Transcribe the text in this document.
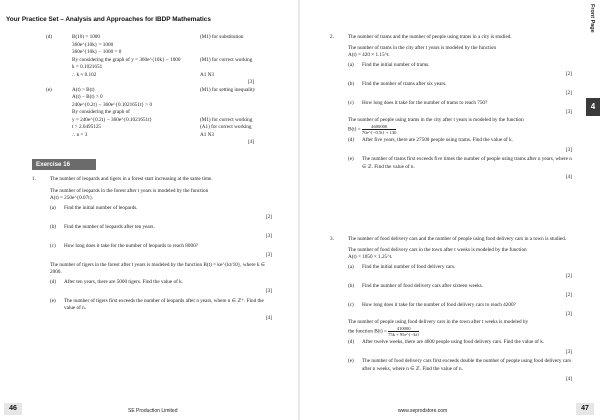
Your Practice Set – Analysis and Approaches for IBDP Mathematics
(d)	B(10) = 1000	(M1) for substitution
360e^{10k} = 1000
360e^{10k} − 1000 = 0
By considering the graph of y = 360e^{10k} − 1000	(M1) for correct working
k = 0.1021651
∴ k ≈ 0.102	A1 N3
[3]
(e)	A(t) > B(t)	(M1) for setting inequality
A(t) − B(t) > 0
240e^{0.2t} − 360e^{0.1021651t} > 0
By considering the graph of
y = 240e^{0.2t} − 360e^{0.1021651t}	(M1) for correct working
t > 2.0495125	(A1) for correct working
∴ n = 3	A1 N3
[4]
Exercise 16
1.	The number of leopards and tigers in a forest start increasing at the same time.
The number of leopards in the forest after t years is modeled by the function
A(t) = 250e^{0.07t}.
(a)	Find the initial number of leopards.
[2]
(b)	Find the number of leopards after ten years.
[3]
(c)	How long does it take for the number of leopards to reach 8000?
[3]
The number of tigers in the forest after t years is modeled by the function B(t) = ke^{kt/10}, where k ∈ 2000.
(d)	After ten years, there are 5000 tigers. Find the value of k.
[3]
(e)	The number of tigers first exceeds the number of leopards after n years, where n ∈ ℤ⁺. Find the value of n.
[4]
46	SE Production Limited
Front Page
4
2.	The number of trams and the number of people using trams in a city is studied.
The number of trams in the city after t years is modeled by the function
A(t) = 420 × 1.15^t.
(a)	Find the initial number of trams.
[2]
(b)	Find the number of trams after six years.
[2]
(c)	How long does it take for the number of trams to reach 750?
[3]
The number of people using trams in the city after t years is modeled by the function
$B(t) = \frac{4600000}{70e\^{}\{-0.5t\} + 130}$
(d)	After five years, there are 27500 people using trams. Find the value of k.
[3]
(e)	The number of trams first exceeds five times the number of people using trams after n years, where n ∈ ℤ. Find the value of n.
[4]
3.	The number of food delivery cars and the number of people using food delivery cars in a town is studied.
The number of food delivery cars in the town after t weeks is modeled by the function
A(t) = 1050 × 1.25^t.
(a)	Find the initial number of food delivery cars.
[2]
(b)	Find the number of food delivery cars after sixteen weeks.
[2]
(c)	How long does it take for the number of food delivery cars to reach 4200?
[3]
The number of people using food delivery cars in the town after t weeks is modeled by
the function $B(t) = \frac{410000}{75k + 95e\^{}\{-kt\}}$
(d)	After twelve weeks, there are 4600 people using food delivery cars. Find the value of k.
[3]
(e)	The number of food delivery cars first exceeds double the number of people using food delivery cars after n weeks, where n ∈ ℤ. Find the value of n.
[4]
www.seprodstore.com	47
